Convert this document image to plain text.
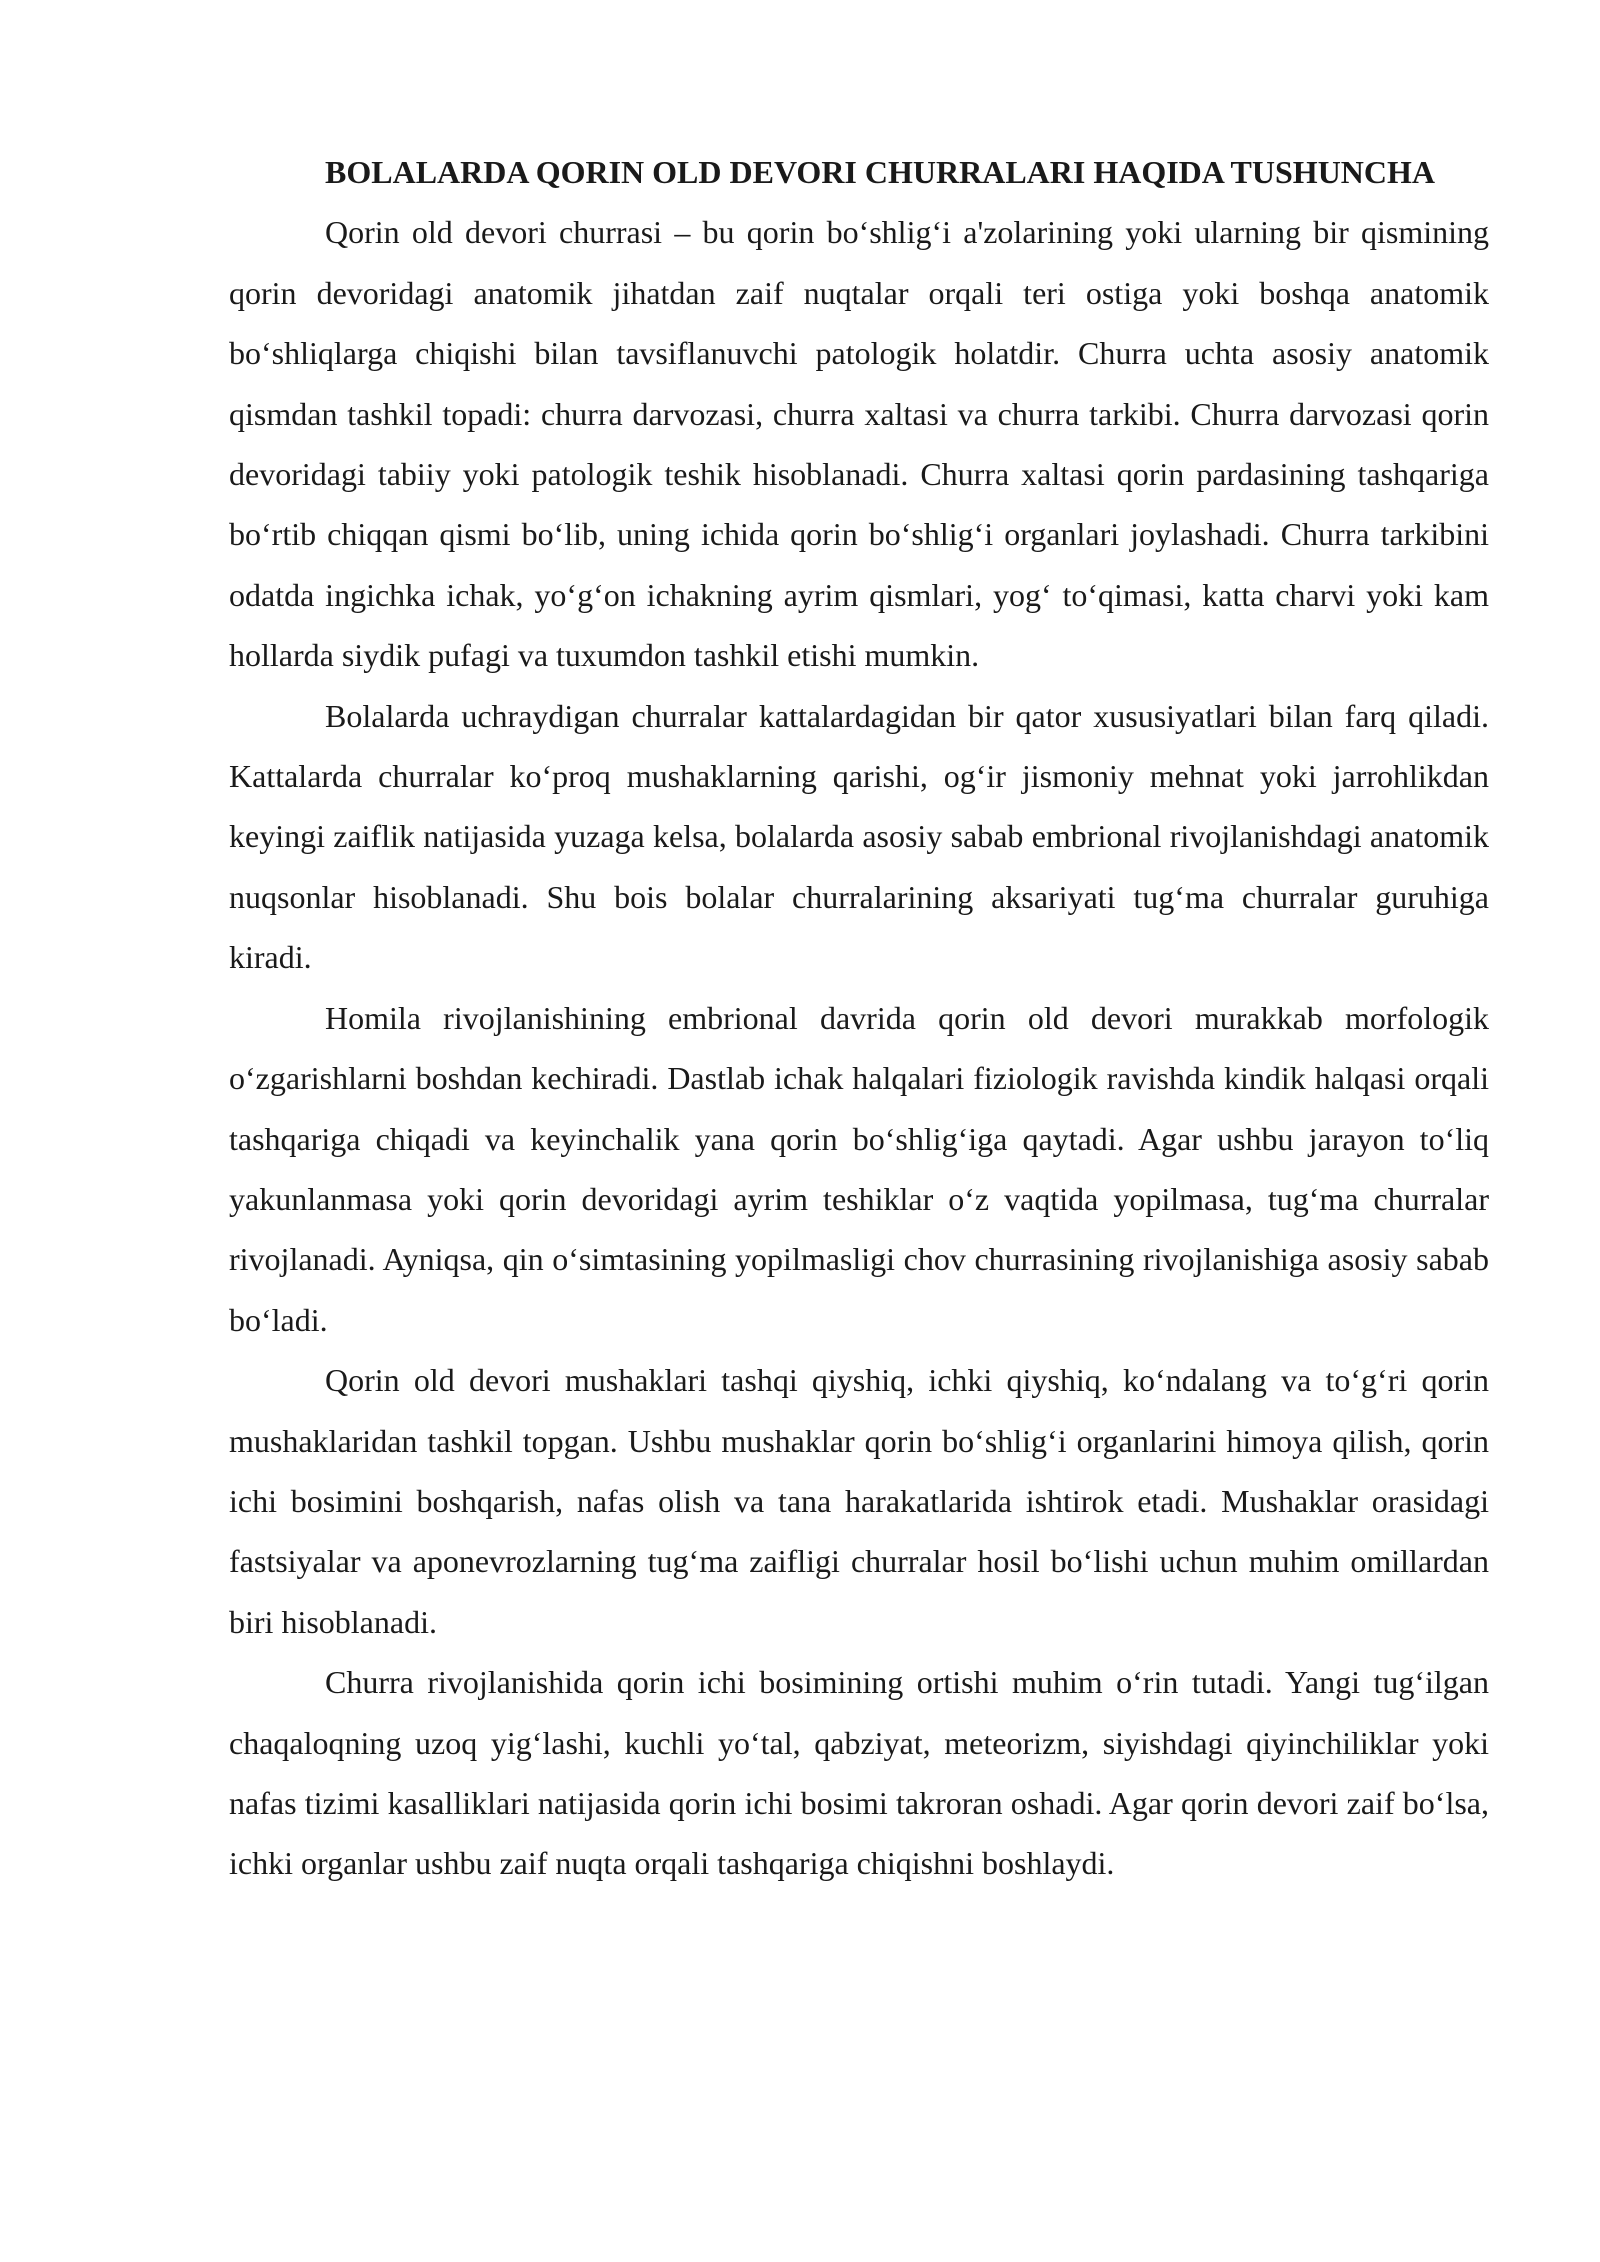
BOLALARDA QORIN OLD DEVORI CHURRALARI HAQIDA TUSHUNCHA

Qorin old devori churrasi – bu qorin bo‘shlig‘i a'zolarining yoki ularning bir qismining qorin devoridagi anatomik jihatdan zaif nuqtalar orqali teri ostiga yoki boshqa anatomik bo‘shliqlarga chiqishi bilan tavsiflanuvchi patologik holatdir. Churra uchta asosiy anatomik qismdan tashkil topadi: churra darvozasi, churra xaltasi va churra tarkibi. Churra darvozasi qorin devoridagi tabiiy yoki patologik teshik hisoblanadi. Churra xaltasi qorin pardasining tashqariga bo‘rtib chiqqan qismi bo‘lib, uning ichida qorin bo‘shlig‘i organlari joylashadi. Churra tarkibini odatda ingichka ichak, yo‘g‘on ichakning ayrim qismlari, yog‘ to‘qimasi, katta charvi yoki kam hollarda siydik pufagi va tuxumdon tashkil etishi mumkin.

Bolalarda uchraydigan churralar kattalardagidan bir qator xususiyatlari bilan farq qiladi. Kattalarda churralar ko‘proq mushaklarning qarishi, og‘ir jismoniy mehnat yoki jarrohlikdan keyingi zaiflik natijasida yuzaga kelsa, bolalarda asosiy sabab embrional rivojlanishdagi anatomik nuqsonlar hisoblanadi. Shu bois bolalar churralarining aksariyati tug‘ma churralar guruhiga kiradi.

Homila rivojlanishining embrional davrida qorin old devori murakkab morfologik o‘zgarishlarni boshdan kechiradi. Dastlab ichak halqalari fiziologik ravishda kindik halqasi orqali tashqariga chiqadi va keyinchalik yana qorin bo‘shlig‘iga qaytadi. Agar ushbu jarayon to‘liq yakunlanmasa yoki qorin devoridagi ayrim teshiklar o‘z vaqtida yopilmasa, tug‘ma churralar rivojlanadi. Ayniqsa, qin o‘simtasining yopilmasligi chov churrasining rivojlanishiga asosiy sabab bo‘ladi.

Qorin old devori mushaklari tashqi qiyshiq, ichki qiyshiq, ko‘ndalang va to‘g‘ri qorin mushaklaridan tashkil topgan. Ushbu mushaklar qorin bo‘shlig‘i organlarini himoya qilish, qorin ichi bosimini boshqarish, nafas olish va tana harakatlarida ishtirok etadi. Mushaklar orasidagi fastsiyalar va aponevrozlarning tug‘ma zaifligi churralar hosil bo‘lishi uchun muhim omillardan biri hisoblanadi.

Churra rivojlanishida qorin ichi bosimining ortishi muhim o‘rin tutadi. Yangi tug‘ilgan chaqaloqning uzoq yig‘lashi, kuchli yo‘tal, qabziyat, meteorizm, siyishdagi qiyinchiliklar yoki nafas tizimi kasalliklari natijasida qorin ichi bosimi takroran oshadi. Agar qorin devori zaif bo‘lsa, ichki organlar ushbu zaif nuqta orqali tashqariga chiqishni boshlaydi.
